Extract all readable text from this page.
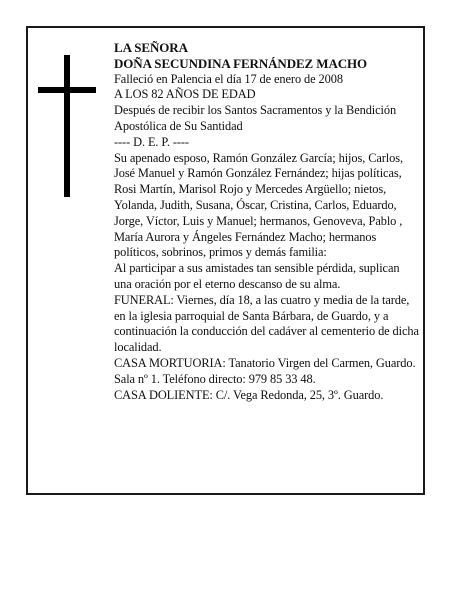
LA SEÑORA

DOÑA SECUNDINA FERNÁNDEZ MACHO

Falleció en Palencia el día 17 de enero de 2008

A LOS 82 AÑOS DE EDAD

Después de recibir los Santos Sacramentos y la Bendición Apostólica de Su Santidad

---- D. E. P. ----

Su apenado esposo, Ramón González García; hijos, Carlos, José Manuel y Ramón González Fernández; hijas políticas, Rosi Martín, Marisol Rojo y Mercedes Argüello; nietos, Yolanda, Judith, Susana, Óscar, Cristina, Carlos, Eduardo, Jorge, Víctor, Luis y Manuel; hermanos, Genoveva, Pablo , María Aurora y Ángeles Fernández Macho; hermanos políticos, sobrinos, primos y demás familia:

Al participar a sus amistades tan sensible pérdida, suplican una oración por el eterno descanso de su alma.

FUNERAL: Viernes, día 18, a las cuatro y media de la tarde, en la iglesia parroquial de Santa Bárbara, de Guardo, y a continuación la conducción del cadáver al cementerio de dicha localidad.

CASA MORTUORIA: Tanatorio Virgen del Carmen, Guardo. Sala nº 1. Teléfono directo: 979 85 33 48.

CASA DOLIENTE: C/. Vega Redonda, 25, 3º. Guardo.
